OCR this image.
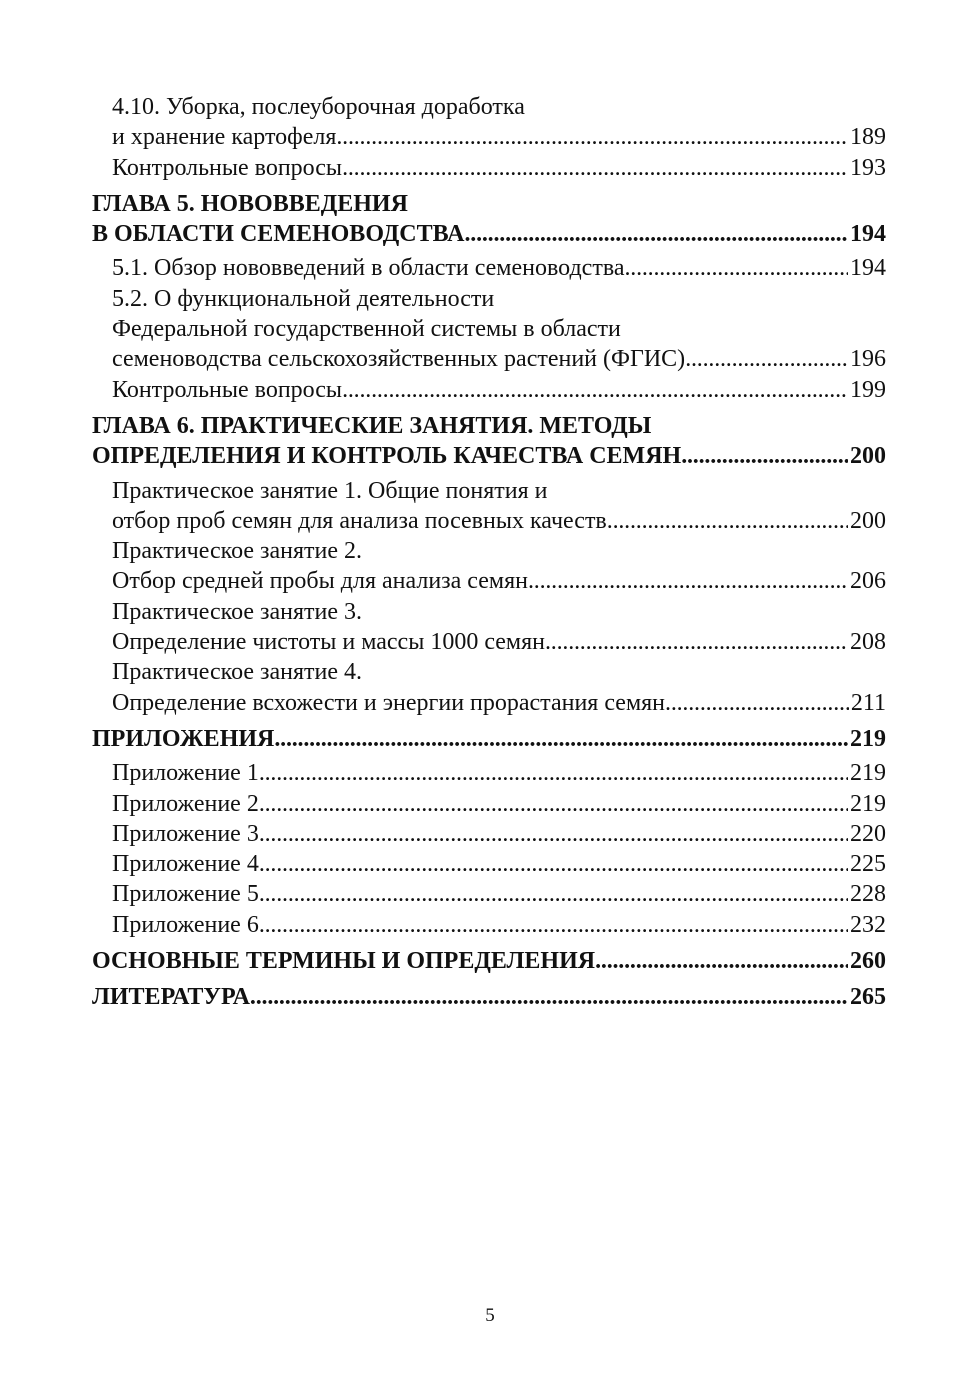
4.10. Уборка, послеуборочная доработка
и хранение картофеля . . .	189
Контрольные вопросы . . .	193
ГЛАВА 5. НОВОВВЕДЕНИЯ
В ОБЛАСТИ СЕМЕНОВОДСТВА . . .	194
5.1. Обзор нововведений в области семеноводства . . .	194
5.2. О функциональной деятельности
Федеральной государственной системы в области
семеноводства сельскохозяйственных растений (ФГИС) . . .	196
Контрольные вопросы . . .	199
ГЛАВА 6. ПРАКТИЧЕСКИЕ ЗАНЯТИЯ. МЕТОДЫ
ОПРЕДЕЛЕНИЯ И КОНТРОЛЬ КАЧЕСТВА СЕМЯН . . .	200
Практическое занятие 1. Общие понятия и
отбор проб семян для анализа посевных качеств . . .	200
Практическое занятие 2.
Отбор средней пробы для анализа семян . . .	206
Практическое занятие 3.
Определение чистоты и массы 1000 семян . . .	208
Практическое занятие 4.
Определение всхожести и энергии прорастания семян . . .	211
ПРИЛОЖЕНИЯ . . .	219
Приложение 1 . . .	219
Приложение 2 . . .	219
Приложение 3 . . .	220
Приложение 4 . . .	225
Приложение 5 . . .	228
Приложение 6 . . .	232
ОСНОВНЫЕ ТЕРМИНЫ И ОПРЕДЕЛЕНИЯ . . .	260
ЛИТЕРАТУРА . . .	265
5
